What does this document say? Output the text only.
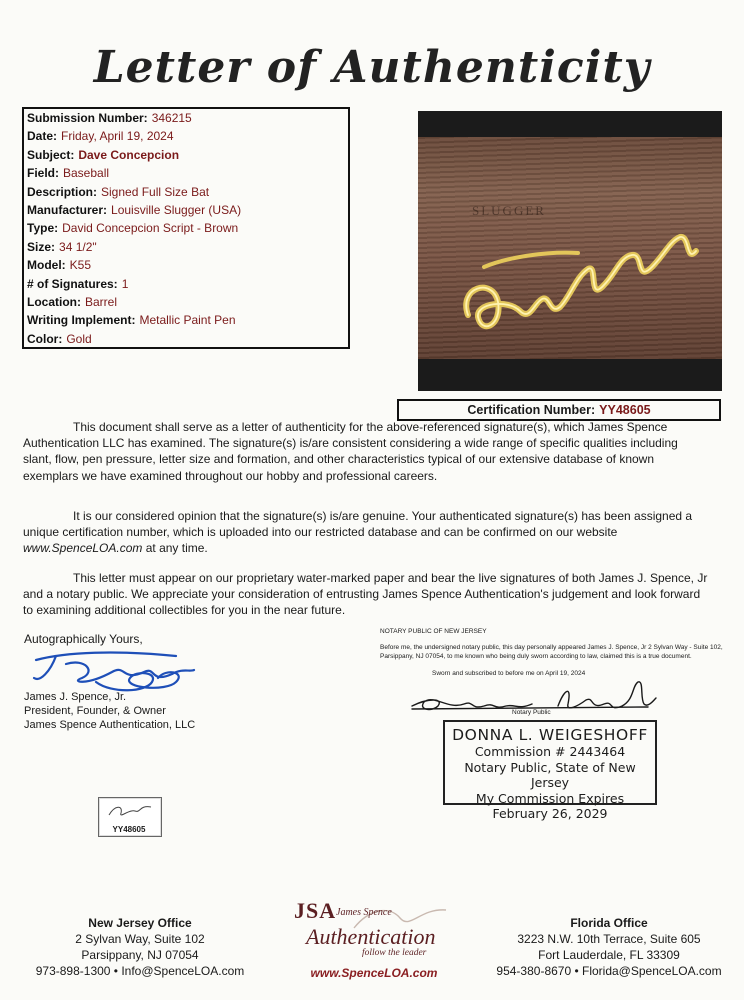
Letter of Authenticity
Submission Number: 346215
Date: Friday, April 19, 2024
Subject: Dave Concepcion
Field: Baseball
Description: Signed Full Size Bat
Manufacturer: Louisville Slugger (USA)
Type: David Concepcion Script - Brown
Size: 34 1/2"
Model: K55
# of Signatures: 1
Location: Barrel
Writing Implement: Metallic Paint Pen
Color: Gold
SLUGGER
Certification Number: YY48605

This document shall serve as a letter of authenticity for the above-referenced signature(s), which James Spence Authentication LLC has examined. The signature(s) is/are consistent considering a wide range of specific qualities including slant, flow, pen pressure, letter size and formation, and other characteristics typical of our extensive database of known exemplars we have examined throughout our hobby and professional careers.

It is our considered opinion that the signature(s) is/are genuine. Your authenticated signature(s) has been assigned a unique certification number, which is uploaded into our restricted database and can be confirmed on our website www.SpenceLOA.com at any time.

This letter must appear on our proprietary water-marked paper and bear the live signatures of both James J. Spence, Jr and a notary public. We appreciate your consideration of entrusting James Spence Authentication's judgement and look forward to examining additional collectibles for you in the near future.

Autographically Yours,
James J. Spence, Jr.
President, Founder, & Owner
James Spence Authentication, LLC
NOTARY PUBLIC OF NEW JERSEY
Before me, the undersigned notary public, this day personally appeared James J. Spence, Jr 2 Sylvan Way - Suite 102, Parsippany, NJ 07054, to me known who being duly sworn according to law, claimed this is a true document.
Sworn and subscribed to before me on April 19, 2024
Notary Public
DONNA L. WEIGESHOFF
Commission # 2443464
Notary Public, State of New Jersey
My Commission Expires
February 26, 2029
YY48605
New Jersey Office
2 Sylvan Way, Suite 102
Parsippany, NJ 07054
973-898-1300 • Info@SpenceLOA.com
JSA James Spence
Authentication
follow the leader
www.SpenceLOA.com
Florida Office
3223 N.W. 10th Terrace, Suite 605
Fort Lauderdale, FL 33309
954-380-8670 • Florida@SpenceLOA.com
